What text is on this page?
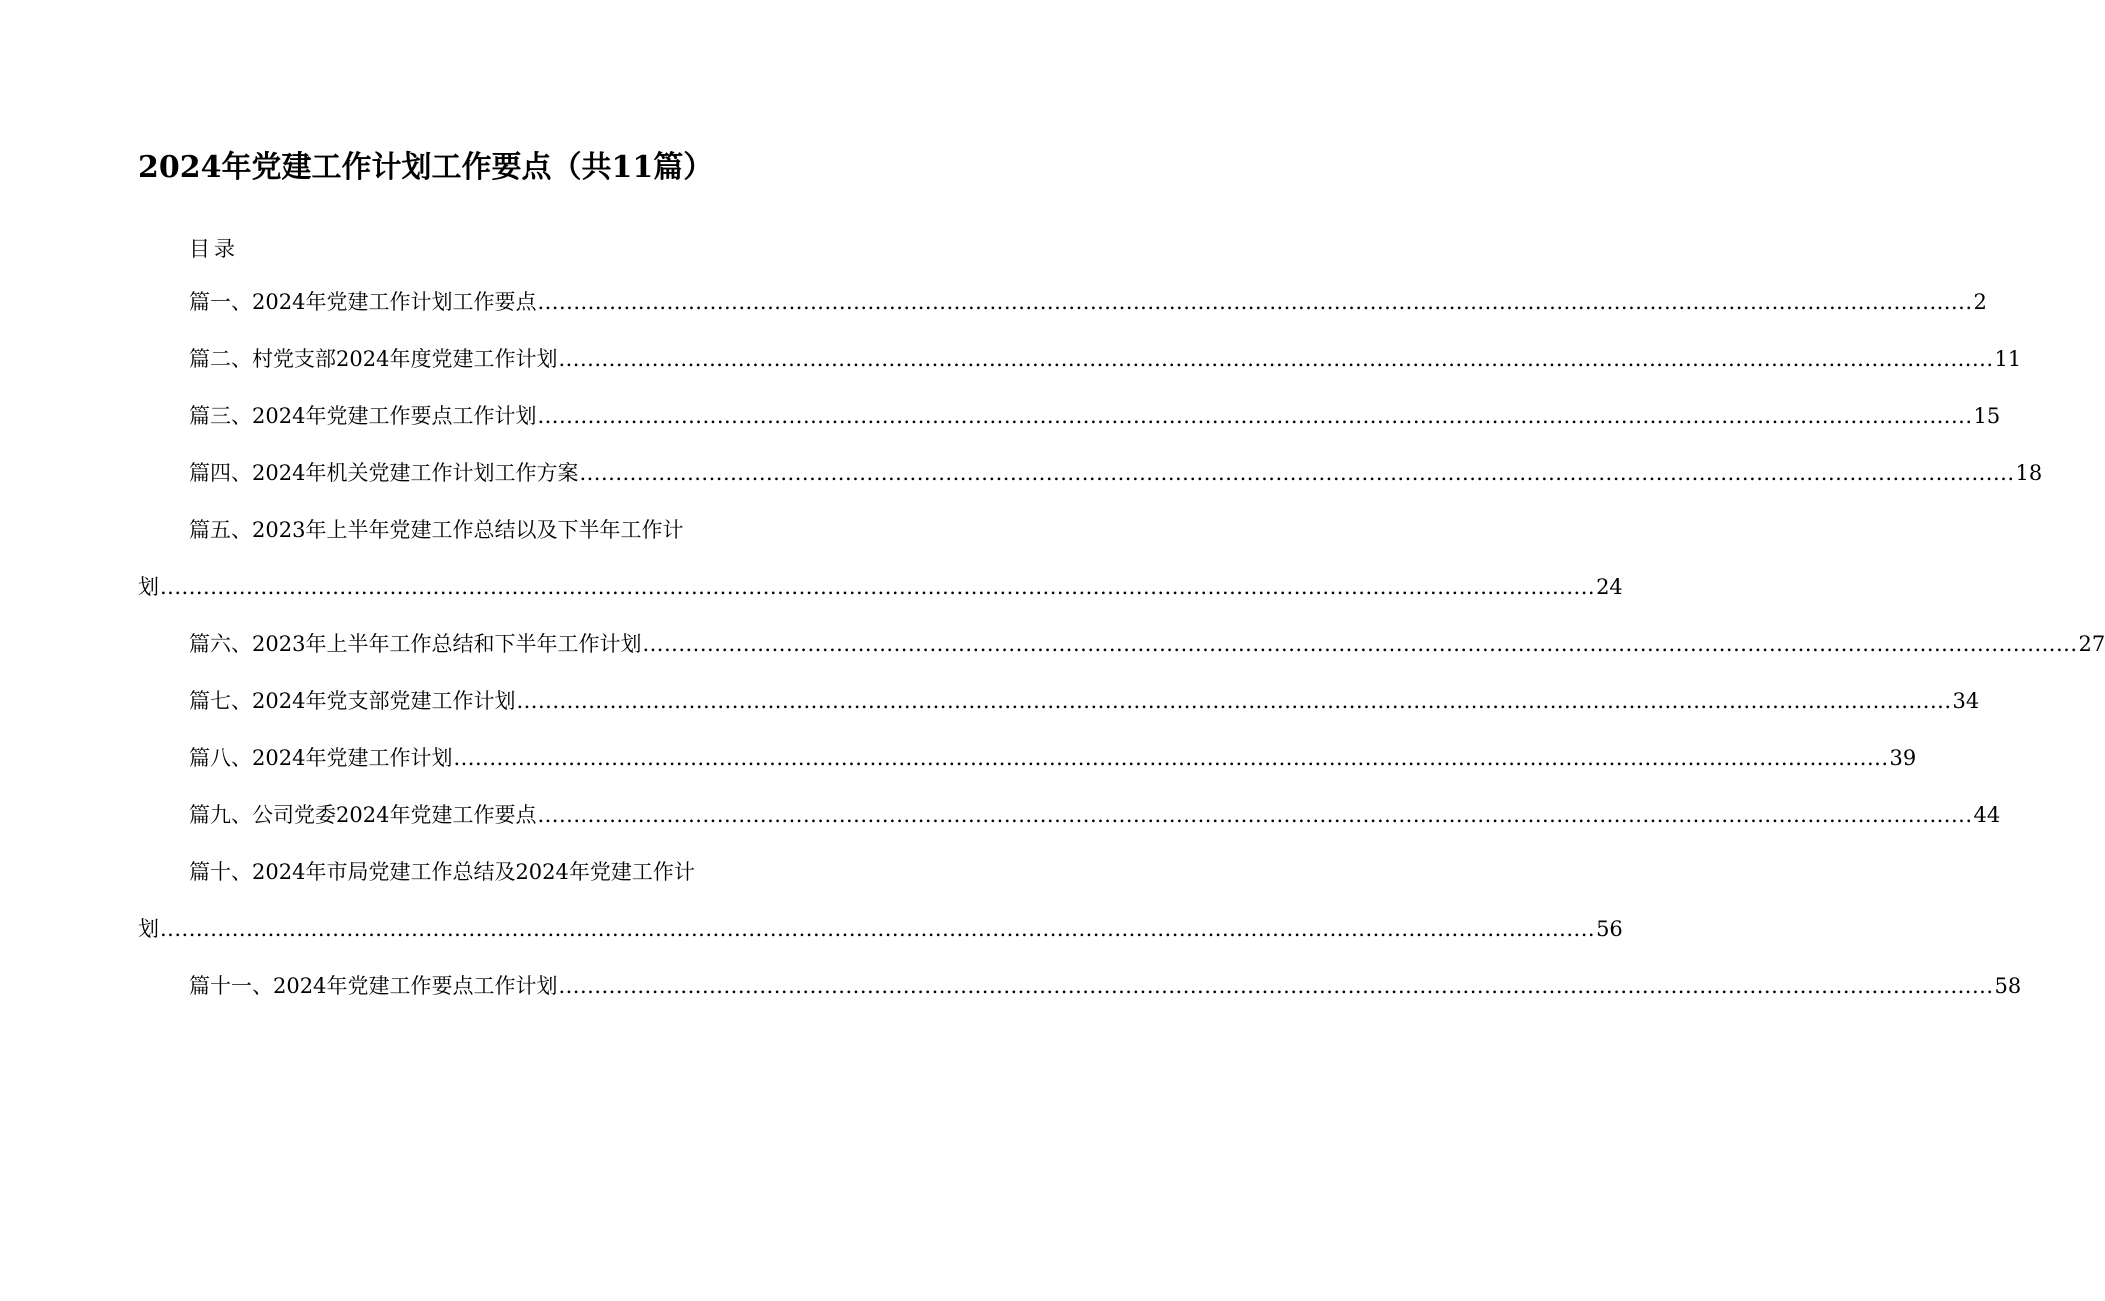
2024年党建工作计划工作要点（共11篇）
目录
篇一、2024年党建工作计划工作要点 ........................................................................................................................................................................................................ 2
篇二、村党支部2024年度党建工作计划 ........................................................................................................................................................................................................ 11
篇三、2024年党建工作要点工作计划 ........................................................................................................................................................................................................ 15
篇四、2024年机关党建工作计划工作方案 ........................................................................................................................................................................................................ 18
篇五、2023年上半年党建工作总结以及下半年工作计
划 ........................................................................................................................................................................................................ 24
篇六、2023年上半年工作总结和下半年工作计划 ........................................................................................................................................................................................................ 27
篇七、2024年党支部党建工作计划 ........................................................................................................................................................................................................ 34
篇八、2024年党建工作计划 ........................................................................................................................................................................................................ 39
篇九、公司党委2024年党建工作要点 ........................................................................................................................................................................................................ 44
篇十、2024年市局党建工作总结及2024年党建工作计
划 ........................................................................................................................................................................................................ 56
篇十一、2024年党建工作要点工作计划 ........................................................................................................................................................................................................ 58
